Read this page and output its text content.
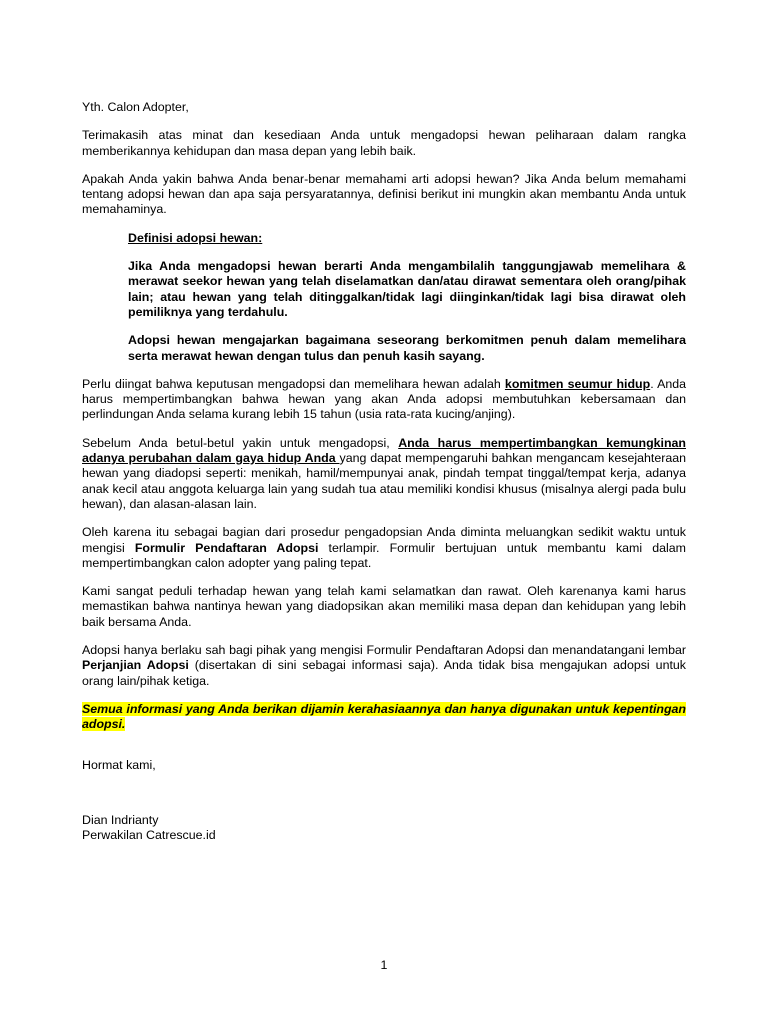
Yth. Calon Adopter,

Terimakasih atas minat dan kesediaan Anda untuk mengadopsi hewan peliharaan dalam rangka memberikannya kehidupan dan masa depan yang lebih baik.

Apakah Anda yakin bahwa Anda benar-benar memahami arti adopsi hewan? Jika Anda belum memahami tentang adopsi hewan dan apa saja persyaratannya, definisi berikut ini mungkin akan membantu Anda untuk memahaminya.

Definisi adopsi hewan:

Jika Anda mengadopsi hewan berarti Anda mengambilalih tanggungjawab memelihara & merawat seekor hewan yang telah diselamatkan dan/atau dirawat sementara oleh orang/pihak lain; atau hewan yang telah ditinggalkan/tidak lagi diinginkan/tidak lagi bisa dirawat oleh pemiliknya yang terdahulu.

Adopsi hewan mengajarkan bagaimana seseorang berkomitmen penuh dalam memelihara serta merawat hewan dengan tulus dan penuh kasih sayang.

Perlu diingat bahwa keputusan mengadopsi dan memelihara hewan adalah komitmen seumur hidup. Anda harus mempertimbangkan bahwa hewan yang akan Anda adopsi membutuhkan kebersamaan dan perlindungan Anda selama kurang lebih 15 tahun (usia rata-rata kucing/anjing).

Sebelum Anda betul-betul yakin untuk mengadopsi, Anda harus mempertimbangkan kemungkinan adanya perubahan dalam gaya hidup Anda yang dapat mempengaruhi bahkan mengancam kesejahteraan hewan yang diadopsi seperti: menikah, hamil/mempunyai anak, pindah tempat tinggal/tempat kerja, adanya anak kecil atau anggota keluarga lain yang sudah tua atau memiliki kondisi khusus (misalnya alergi pada bulu hewan), dan alasan-alasan lain.

Oleh karena itu sebagai bagian dari prosedur pengadopsian Anda diminta meluangkan sedikit waktu untuk mengisi Formulir Pendaftaran Adopsi terlampir. Formulir bertujuan untuk membantu kami dalam mempertimbangkan calon adopter yang paling tepat.

Kami sangat peduli terhadap hewan yang telah kami selamatkan dan rawat. Oleh karenanya kami harus memastikan bahwa nantinya hewan yang diadopsikan akan memiliki masa depan dan kehidupan yang lebih baik bersama Anda.

Adopsi hanya berlaku sah bagi pihak yang mengisi Formulir Pendaftaran Adopsi dan menandatangani lembar Perjanjian Adopsi (disertakan di sini sebagai informasi saja). Anda tidak bisa mengajukan adopsi untuk orang lain/pihak ketiga.

Semua informasi yang Anda berikan dijamin kerahasiaannya dan hanya digunakan untuk kepentingan adopsi.

Hormat kami,

Dian Indrianty

Perwakilan Catrescue.id

1
